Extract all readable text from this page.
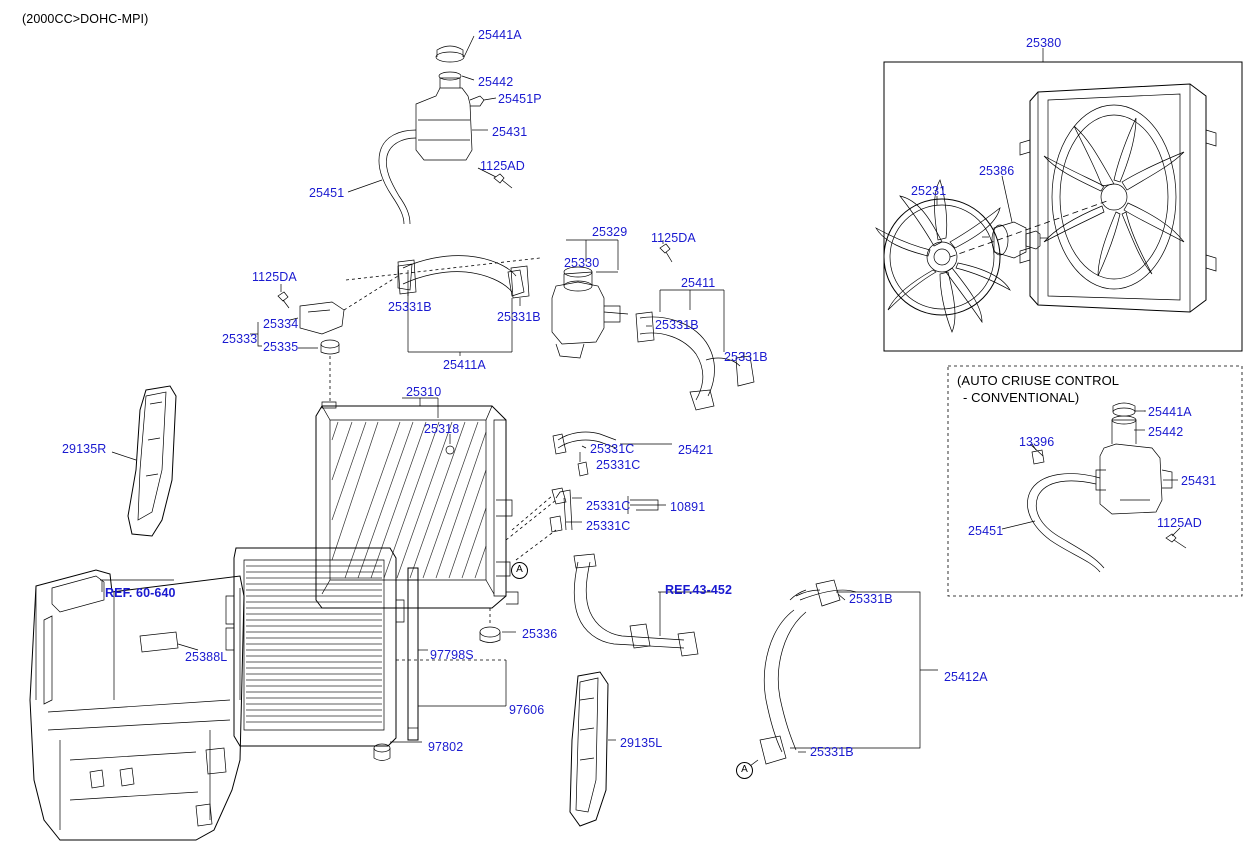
(2000CC>DOHC-MPI)
(AUTO CRIUSE CONTROL
- CONVENTIONAL)
A
A
25441A
25442
25451P
25431
1125AD
25451
25329 1125DA
25330
25411
1125DA
25331B
25331B
25331B
25331B
25334
25333
25335
25411A
25310
25318
29135R	25331C	25421
25331C
25331C	10891
25331C
REF. 60-640	REF.43-452
25388L
25336
97798S
97606
97802	29135L
25331B
25412A
25331B
25380
25231
25386
25441A
25442
13396
25431
25451
1125AD
